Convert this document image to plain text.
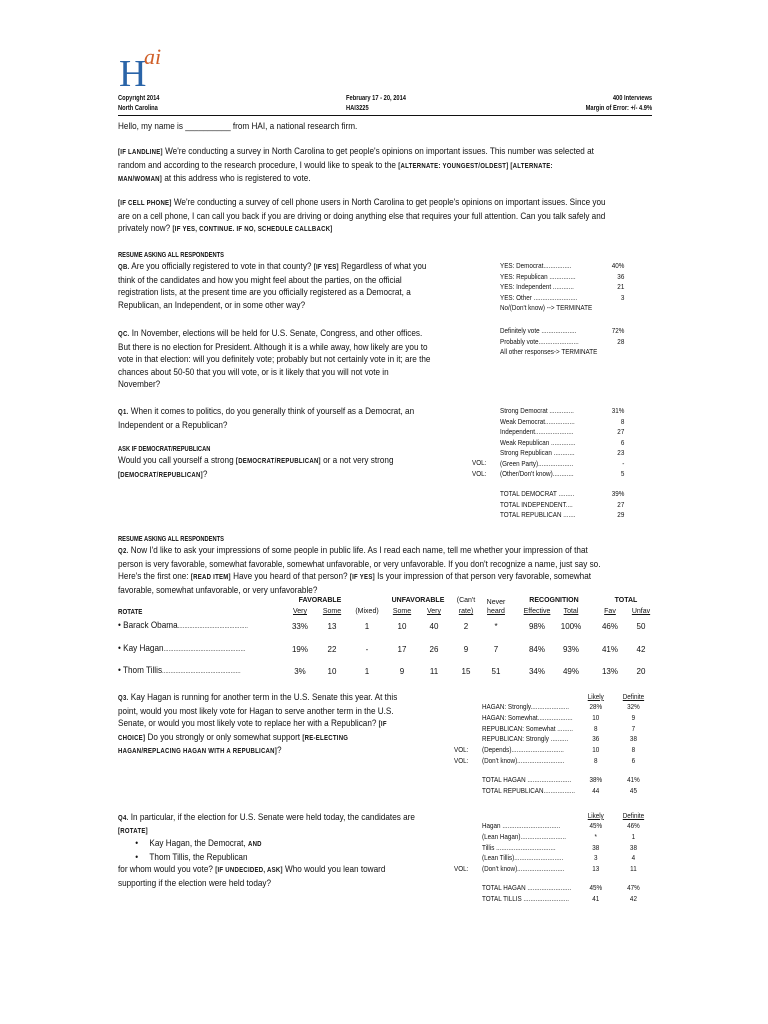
H
ai
Copyright 2014
North Carolina
February 17 - 20, 2014
HAI3225
400 Interviews
Margin of Error: +/- 4.9%
Hello, my name is __________ from HAI, a national research firm.
[IF LANDLINE] We're conducting a survey in North Carolina to get people's opinions on important issues. This number was selected at
random and according to the research procedure, I would like to speak to the [ALTERNATE: YOUNGEST/OLDEST] [ALTERNATE:
MAN/WOMAN] at this address who is registered to vote.
[IF CELL PHONE] We're conducting a survey of cell phone users in North Carolina to get people's opinions on important issues. Since you
are on a cell phone, I can call you back if you are driving or doing anything else that requires your full attention. Can you talk safely and
privately now? [IF YES, CONTINUE. IF NO, SCHEDULE CALLBACK]
RESUME ASKING ALL RESPONDENTS
QB. Are you officially registered to vote in that county? [IF YES] Regardless of what you
think of the candidates and how you might feel about the parties, on the official
registration lists, at the present time are you officially registered as a Democrat, a
Republican, an Independent, or in some other way?
YES: Democrat................	40%
YES: Republican ...............	36
YES: Independent ............	21
YES: Other .........................	3
No/(Don't know) --> TERMINATE
QC. In November, elections will be held for U.S. Senate, Congress, and other offices.
But there is no election for President. Although it is a while away, how likely are you to
vote in that election: will you definitely vote; probably but not certainly vote in it; are the
chances about 50-50 that you will vote, or is it likely that you will not vote in
November?
Definitely vote ....................	72%
Probably vote.......................	28
All other responses-> TERMINATE
Q1. When it comes to politics, do you generally think of yourself as a Democrat, an
Independent or a Republican?
ASK IF DEMOCRAT/REPUBLICAN
Would you call yourself a strong [DEMOCRAT/REPUBLICAN] or a not very strong
[DEMOCRAT/REPUBLICAN]?
VOL:
VOL:
Strong Democrat ..............	31%
Weak Democrat.................	8
Independent......................	27
Weak Republican ..............	6
Strong Republican ............	23
(Green Party)....................	-
(Other/Don't know)............	5
TOTAL DEMOCRAT .........	39%
TOTAL INDEPENDENT....	27
TOTAL REPUBLICAN .......	29
RESUME ASKING ALL RESPONDENTS
Q2. Now I'd like to ask your impressions of some people in public life. As I read each name, tell me whether your impression of that
person is very favorable, somewhat favorable, somewhat unfavorable, or very unfavorable. If you don't recognize a name, just say so.
Here's the first one: [READ ITEM] Have you heard of that person? [IF YES] Is your impression of that person very favorable, somewhat
favorable, somewhat unfavorable, or very unfavorable?
FAVORABLE	UNFAVORABLE	(Can't	Never	RECOGNITION	TOTAL
ROTATE	Very	Some	(Mixed)	Some	Very	rate)	heard	Effective	Total	Fav	Unfav
• Barack Obama..........................................	33%	13	1	10	40	2	*	98%	100%	46%	50
• Kay Hagan.................................................	19%	22	-	17	26	9	7	84%	93%	41%	42
• Thom Tillis...............................................	3%	10	1	9	11	15	51	34%	49%	13%	20
Q3. Kay Hagan is running for another term in the U.S. Senate this year. At this
point, would you most likely vote for Hagan to serve another term in the U.S.
Senate, or would you most likely vote to replace her with a Republican? [IF
CHOICE] Do you strongly or only somewhat support [RE-ELECTING
HAGAN/REPLACING HAGAN WITH A REPUBLICAN]?
Likely	Definite
VOL:
VOL:
HAGAN: Strongly......................	28%	32%
HAGAN: Somewhat....................	10	9
REPUBLICAN: Somewhat .........	8	7
REPUBLICAN: Strongly ..........	36	38
(Depends)..............................	10	8
(Don't know)...........................	8	6
TOTAL HAGAN .........................	38%	41%
TOTAL REPUBLICAN..................	44	45
Q4. In particular, if the election for U.S. Senate were held today, the candidates are
[ROTATE]
•     Kay Hagan, the Democrat, AND
•     Thom Tillis, the Republican
for whom would you vote? [IF UNDECIDED, ASK] Who would you lean toward
supporting if the election were held today?
Likely	Definite
VOL:
Hagan .................................	45%	46%
(Lean Hagan)..........................	*	1
Tillis ..................................	38	38
(Lean Tillis)............................	3	4
(Don't know)...........................	13	11
TOTAL HAGAN .........................	45%	47%
TOTAL TILLIS ..........................	41	42
